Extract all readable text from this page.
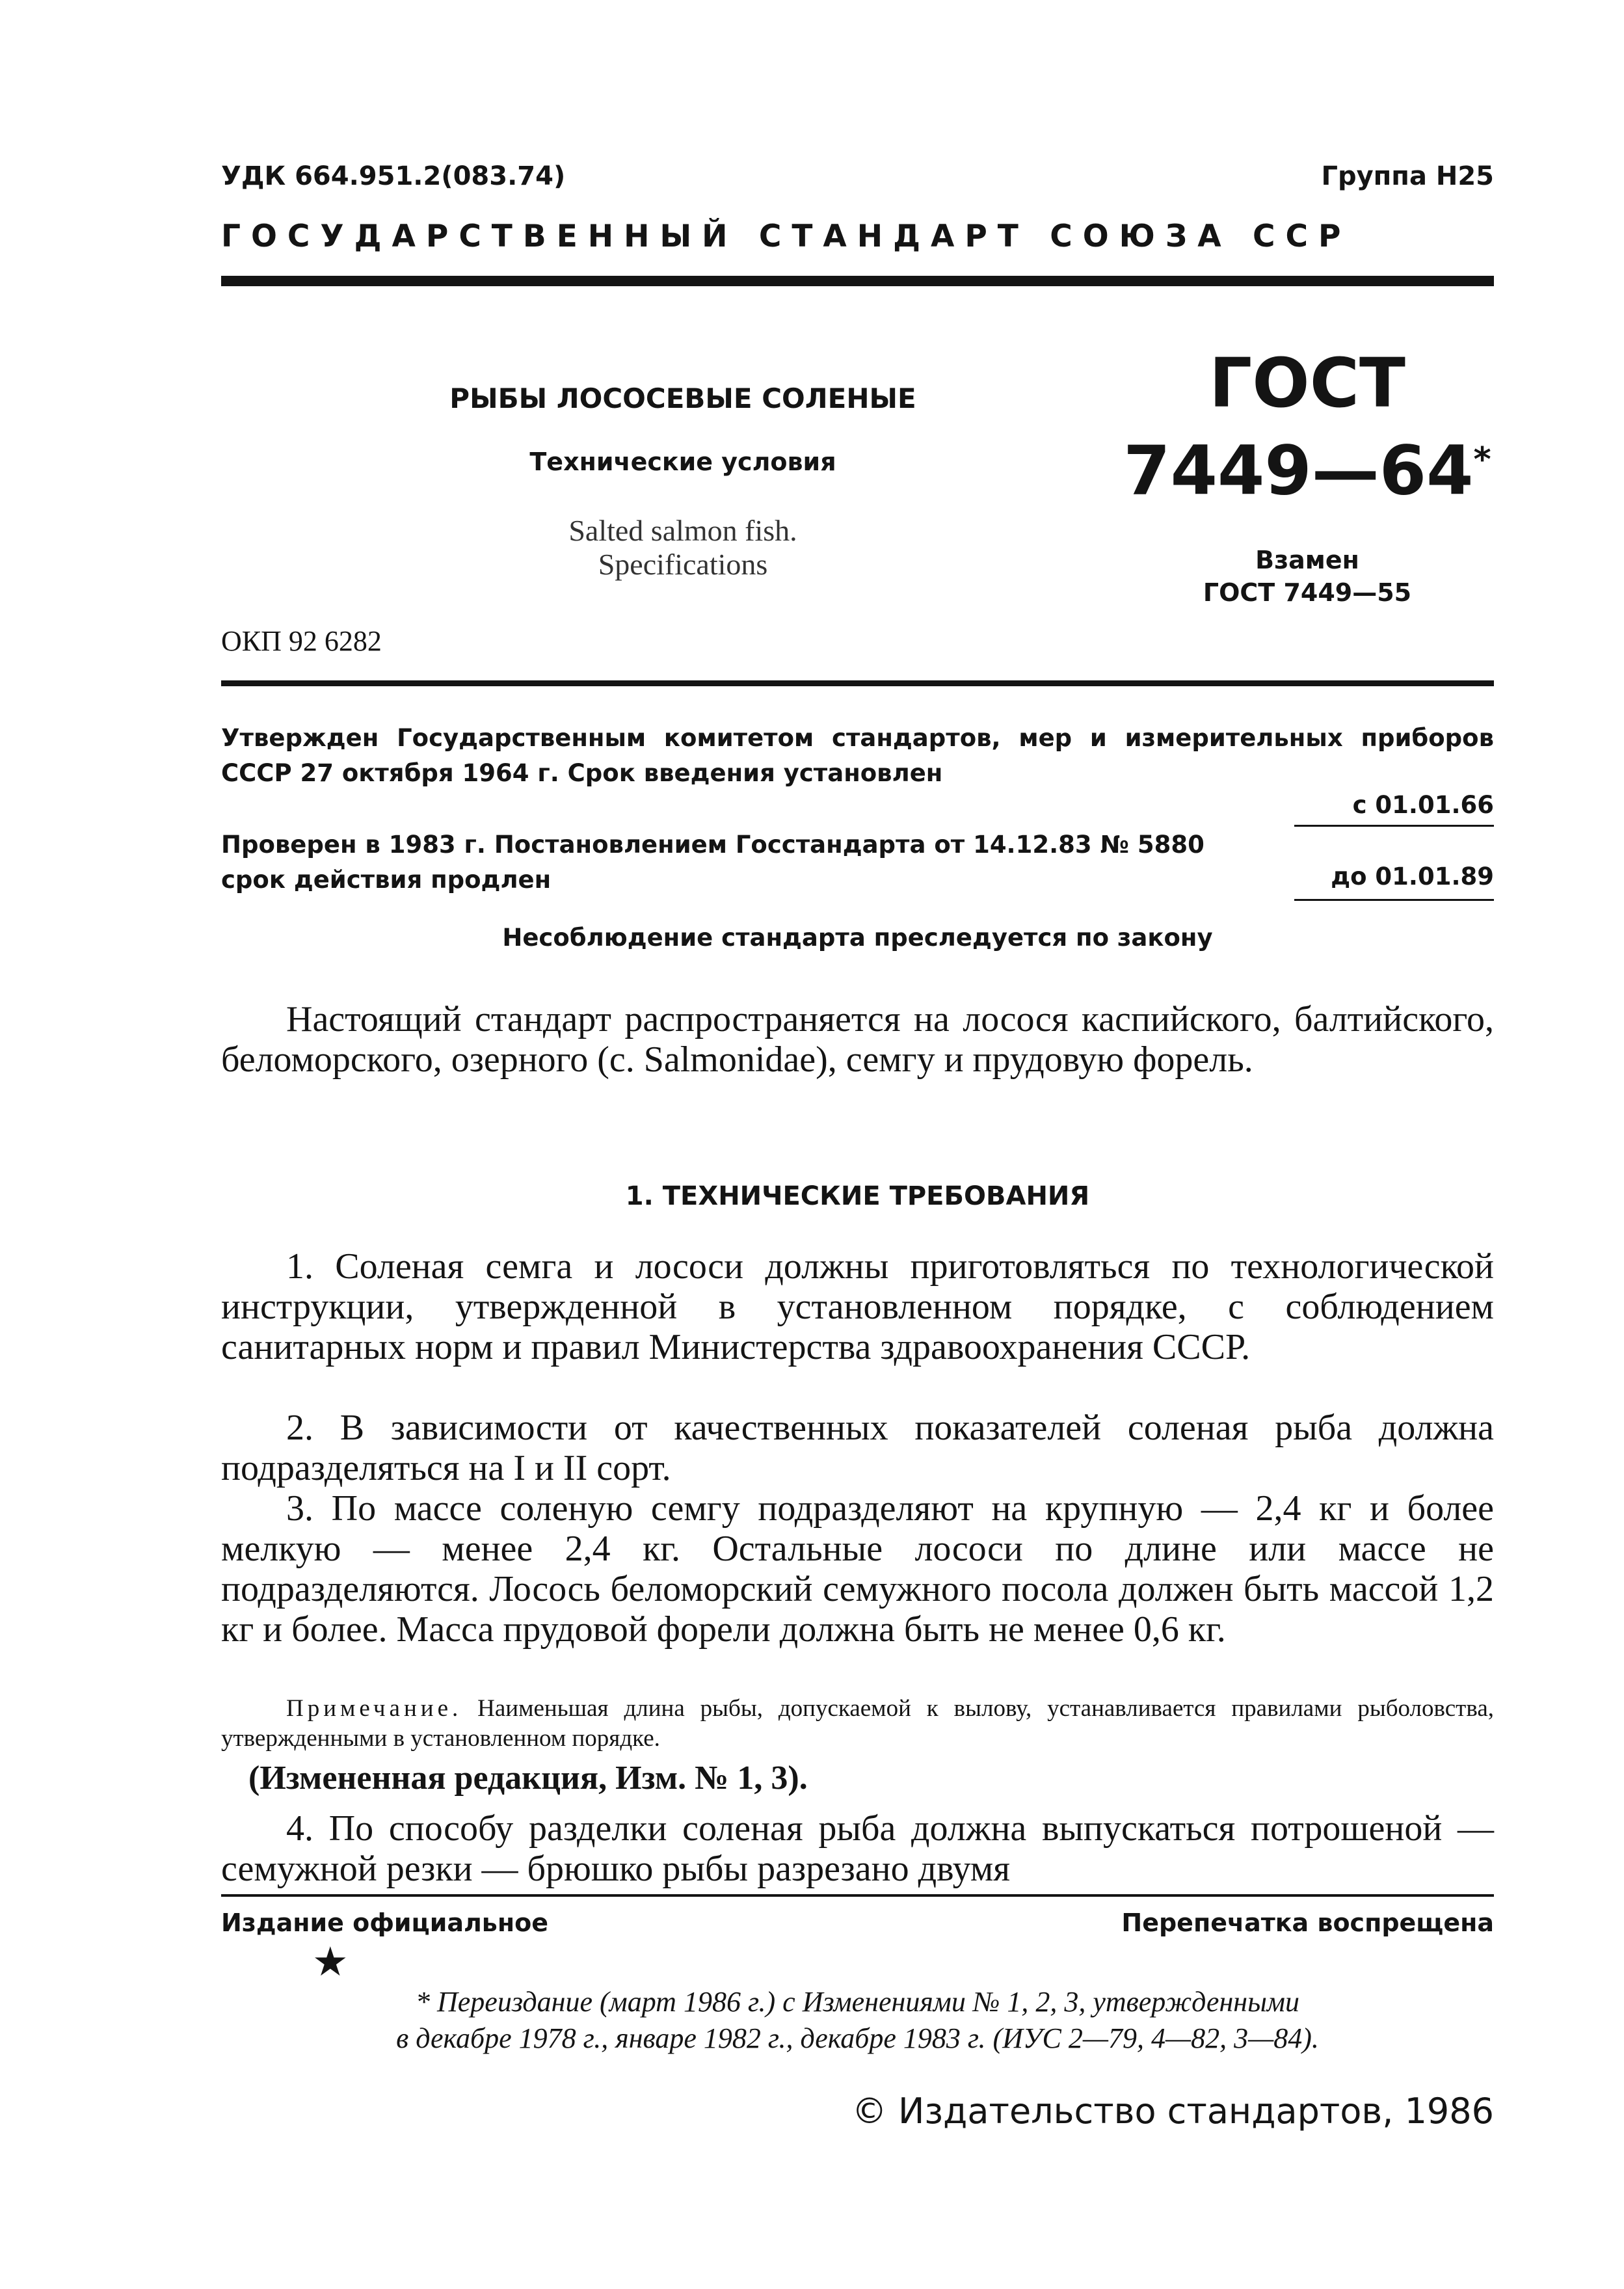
УДК 664.951.2(083.74)	Группа Н25
ГОСУДАРСТВЕННЫЙ СТАНДАРТ СОЮЗА ССР
РЫБЫ ЛОСОСЕВЫЕ СОЛЕНЫЕ
Технические условия
Salted salmon fish.
Specifications
ГОСТ
7449—64*
Взамен
ГОСТ 7449—55
ОКП 92 6282
Утвержден Государственным комитетом стандартов, мер и измерительных приборов СССР 27 октября 1964 г. Срок введения установлен
с 01.01.66
Проверен в 1983 г. Постановлением Госстандарта от 14.12.83 № 5880 срок действия продлен	до 01.01.89
Несоблюдение стандарта преследуется по закону

Настоящий стандарт распространяется на лосося каспийского, балтийского, беломорского, озерного (с. Salmonidae), семгу и прудовую форель.

1. ТЕХНИЧЕСКИЕ ТРЕБОВАНИЯ

1. Соленая семга и лососи должны приготовляться по технологической инструкции, утвержденной в установленном порядке, с соблюдением санитарных норм и правил Министерства здравоохранения СССР.

2. В зависимости от качественных показателей соленая рыба должна подразделяться на I и II сорт.

3. По массе соленую семгу подразделяют на крупную — 2,4 кг и более мелкую — менее 2,4 кг. Остальные лососи по длине или массе не подразделяются. Лосось беломорский семужного посола должен быть массой 1,2 кг и более. Масса прудовой форели должна быть не менее 0,6 кг.

Примечание. Наименьшая длина рыбы, допускаемой к вылову, устанавливается правилами рыболовства, утвержденными в установленном порядке.

(Измененная редакция, Изм. № 1, 3).

4. По способу разделки соленая рыба должна выпускаться потрошеной — семужной резки — брюшко рыбы разрезано двумя

Издание официальное	Перепечатка воспрещена
★
* Переиздание (март 1986 г.) с Изменениями № 1, 2, 3, утвержденными
в декабре 1978 г., январе 1982 г., декабре 1983 г. (ИУС 2—79, 4—82, 3—84).
© Издательство стандартов, 1986
